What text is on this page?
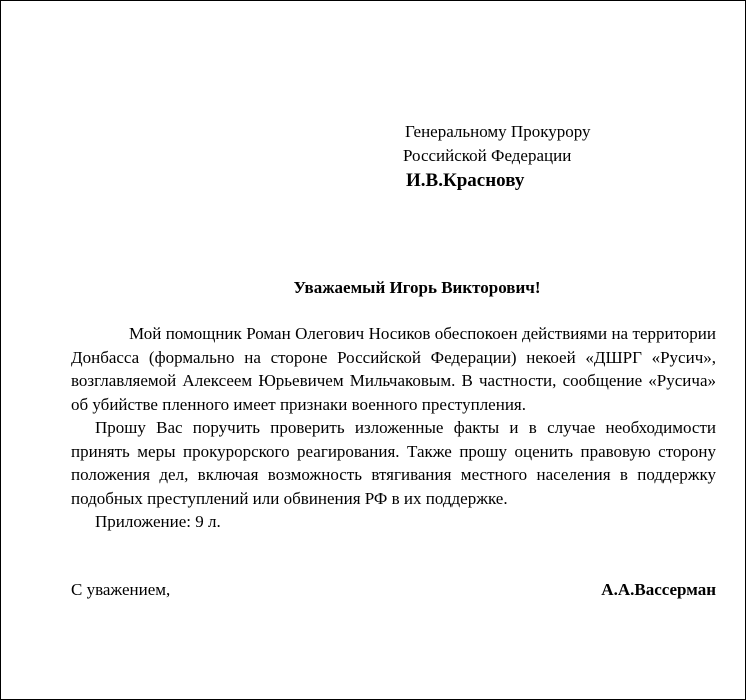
Генеральному Прокурору
Российской Федерации
И.В.Краснову
Уважаемый Игорь Викторович!

Мой помощник Роман Олегович Носиков обеспокоен действиями на территории Донбасса (формально на стороне Российской Федерации) некоей «ДШРГ «Русич», возглавляемой Алексеем Юрьевичем Мильчаковым. В частности, сообщение «Русича» об убийстве пленного имеет признаки военного преступления.

Прошу Вас поручить проверить изложенные факты и в случае необходимости принять меры прокурорского реагирования. Также прошу оценить правовую сторону положения дел, включая возможность втягивания местного населения в поддержку подобных преступлений или обвинения РФ в их поддержке.

Приложение: 9 л.

С уважением,	А.А.Вассерман
